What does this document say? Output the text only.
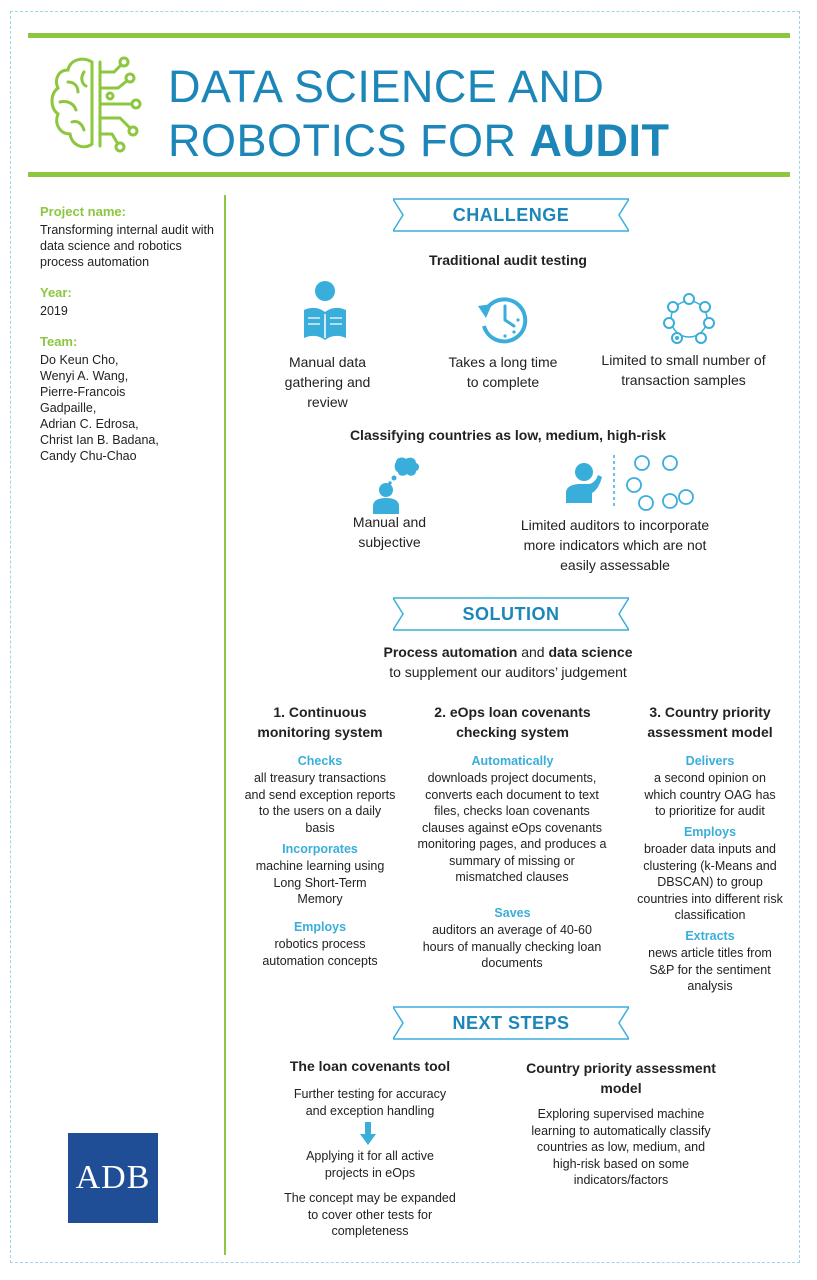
DATA SCIENCE AND
ROBOTICS FOR AUDIT
Project name:
Transforming internal audit with data science and robotics process automation
Year:
2019
Team:
Do Keun Cho,
Wenyi A. Wang,
Pierre-Francois
Gadpaille,
Adrian C. Edrosa,
Christ Ian B. Badana,
Candy Chu-Chao
ADB
CHALLENGE
Traditional audit testing
Manual data gathering and review
Takes a long time to complete
Limited to small number of transaction samples
Classifying countries as low, medium, high-risk
Manual and subjective
Limited auditors to incorporate more indicators which are not easily assessable
SOLUTION
Process automation and data science
to supplement our auditors’ judgement
1. Continuous monitoring system
Checks
all treasury transactions and send exception reports to the users on a daily basis
Incorporates
machine learning using Long Short-Term Memory
Employs
robotics process automation concepts
2. eOps loan covenants checking system
Automatically
downloads project documents, converts each document to text files, checks loan covenants clauses against eOps covenants monitoring pages, and produces a summary of missing or mismatched clauses
Saves
auditors an average of 40-60 hours of manually checking loan documents
3. Country priority assessment model
Delivers
a second opinion on which country OAG has to prioritize for audit
Employs
broader data inputs and clustering (k-Means and DBSCAN) to group countries into different risk classification
Extracts
news article titles from S&P for the sentiment analysis
NEXT STEPS
The loan covenants tool
Further testing for accuracy and exception handling
Applying it for all active projects in eOps
The concept may be expanded to cover other tests for completeness
Country priority assessment model
Exploring supervised machine learning to automatically classify countries as low, medium, and high-risk based on some indicators/factors
